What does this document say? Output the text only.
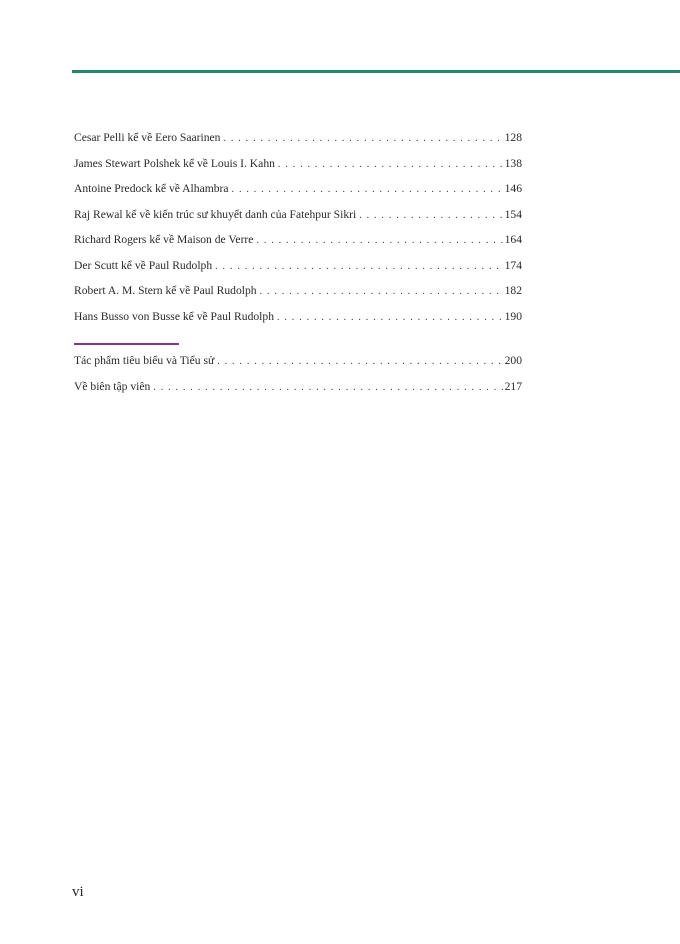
Cesar Pelli kể về Eero Saarinen . . .	128
James Stewart Polshek kể về Louis I. Kahn . . .	138
Antoine Predock kể về Alhambra . . .	146
Raj Rewal kể về kiến trúc sư khuyết danh của Fatehpur Sikri . . .	154
Richard Rogers kể về Maison de Verre . . .	164
Der Scutt kể về Paul Rudolph . . .	174
Robert A. M. Stern kể về Paul Rudolph . . .	182
Hans Busso von Busse kể về Paul Rudolph . . .	190
Tác phẩm tiêu biểu và Tiểu sử . . .	200
Về biên tập viên . . .	217
vi
